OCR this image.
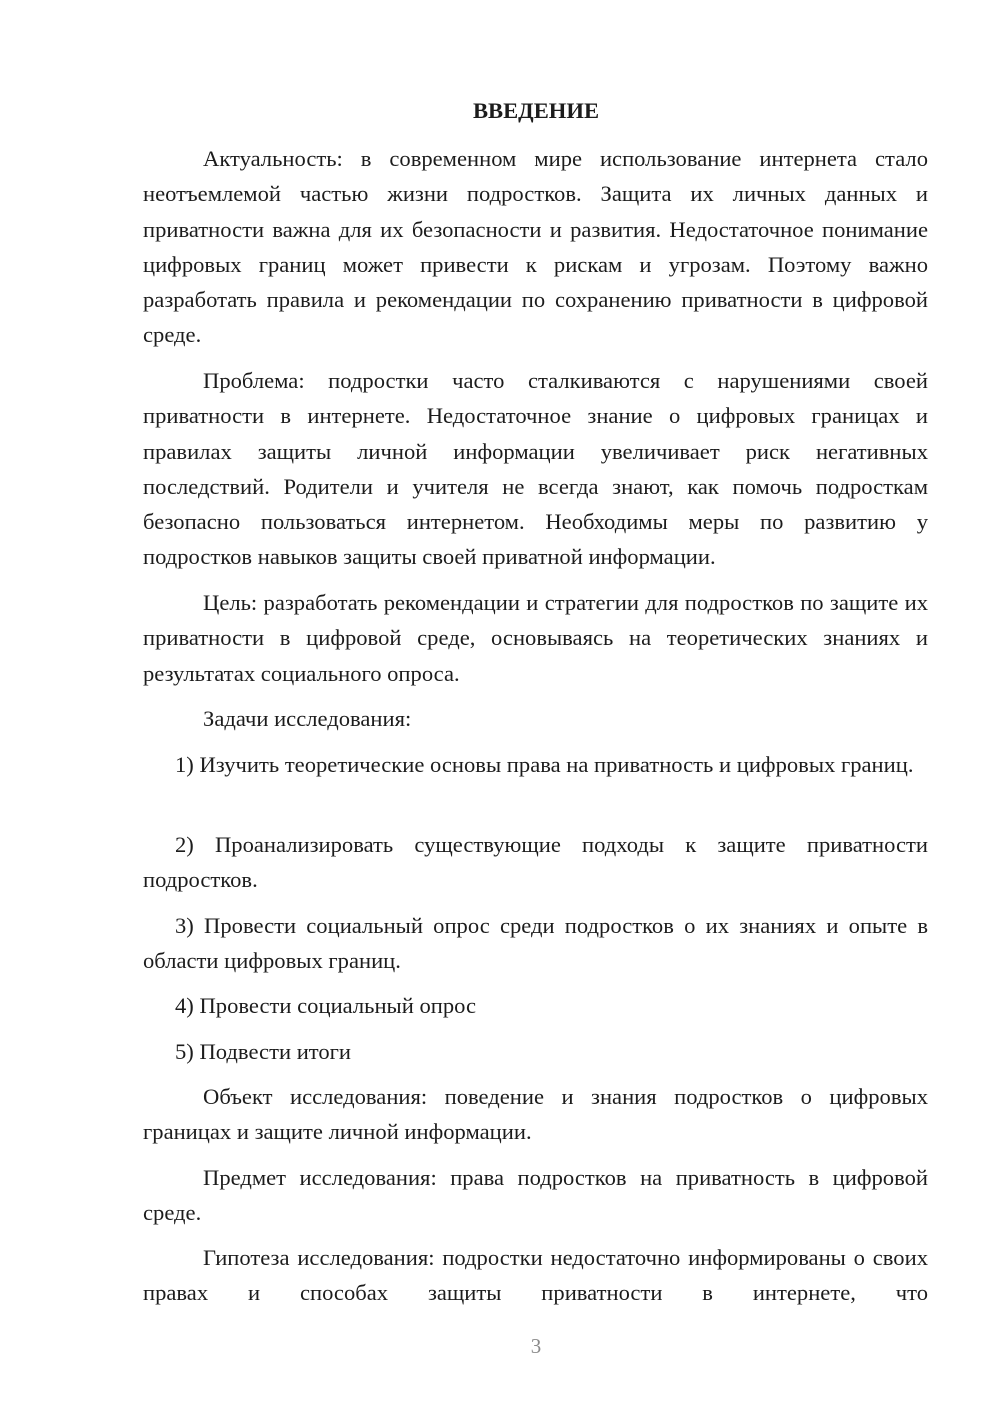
ВВЕДЕНИЕ

Актуальность: в современном мире использование интернета стало неотъемлемой частью жизни подростков. Защита их личных данных и приватности важна для их безопасности и развития. Недостаточное понимание цифровых границ может привести к рискам и угрозам. Поэтому важно разработать правила и рекомендации по сохранению приватности в цифровой среде.

Проблема: подростки часто сталкиваются с нарушениями своей приватности в интернете. Недостаточное знание о цифровых границах и правилах защиты личной информации увеличивает риск негативных последствий. Родители и учителя не всегда знают, как помочь подросткам безопасно пользоваться интернетом. Необходимы меры по развитию у подростков навыков защиты своей приватной информации.

Цель: разработать рекомендации и стратегии для подростков по защите их приватности в цифровой среде, основываясь на теоретических знаниях и результатах социального опроса.

Задачи исследования:

1) Изучить теоретические основы права на приватность и цифровых границ.

2) Проанализировать существующие подходы к защите приватности подростков.

3) Провести социальный опрос среди подростков о их знаниях и опыте в области цифровых границ.

4) Провести социальный опрос

5) Подвести итоги

Объект исследования: поведение и знания подростков о цифровых границах и защите личной информации.

Предмет исследования: права подростков на приватность в цифровой среде.

Гипотеза исследования: подростки недостаточно информированы о своих правах и способах защиты приватности в интернете, что

3
